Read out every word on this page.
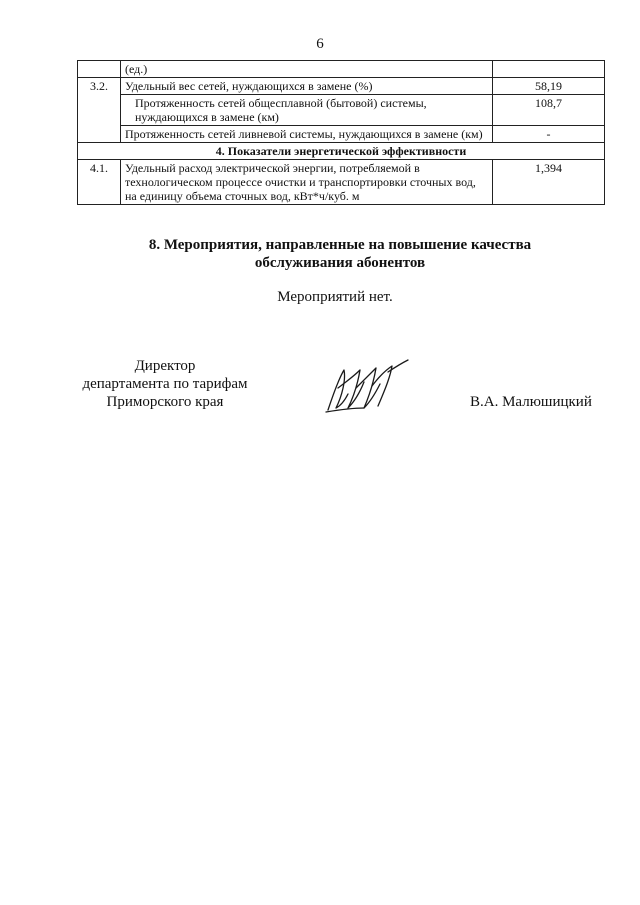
6
	(ед.)	
3.2.	Удельный вес сетей, нуждающихся в замене (%)	58,19
	Протяженность сетей общесплавной (бытовой) системы, нуждающихся в замене (км)	108,7
	Протяженность сетей ливневой системы, нуждающихся в замене (км)	-
4. Показатели энергетической эффективности		
4.1.	Удельный расход электрической энергии, потребляемой в технологическом процессе очистки и транспортировки сточных вод, на единицу объема сточных вод, кВт*ч/куб. м	1,394
8. Мероприятия, направленные на повышение качества
обслуживания абонентов
Мероприятий нет.
Директор
департамента по тарифам
Приморского края	В.А. Малюшицкий
